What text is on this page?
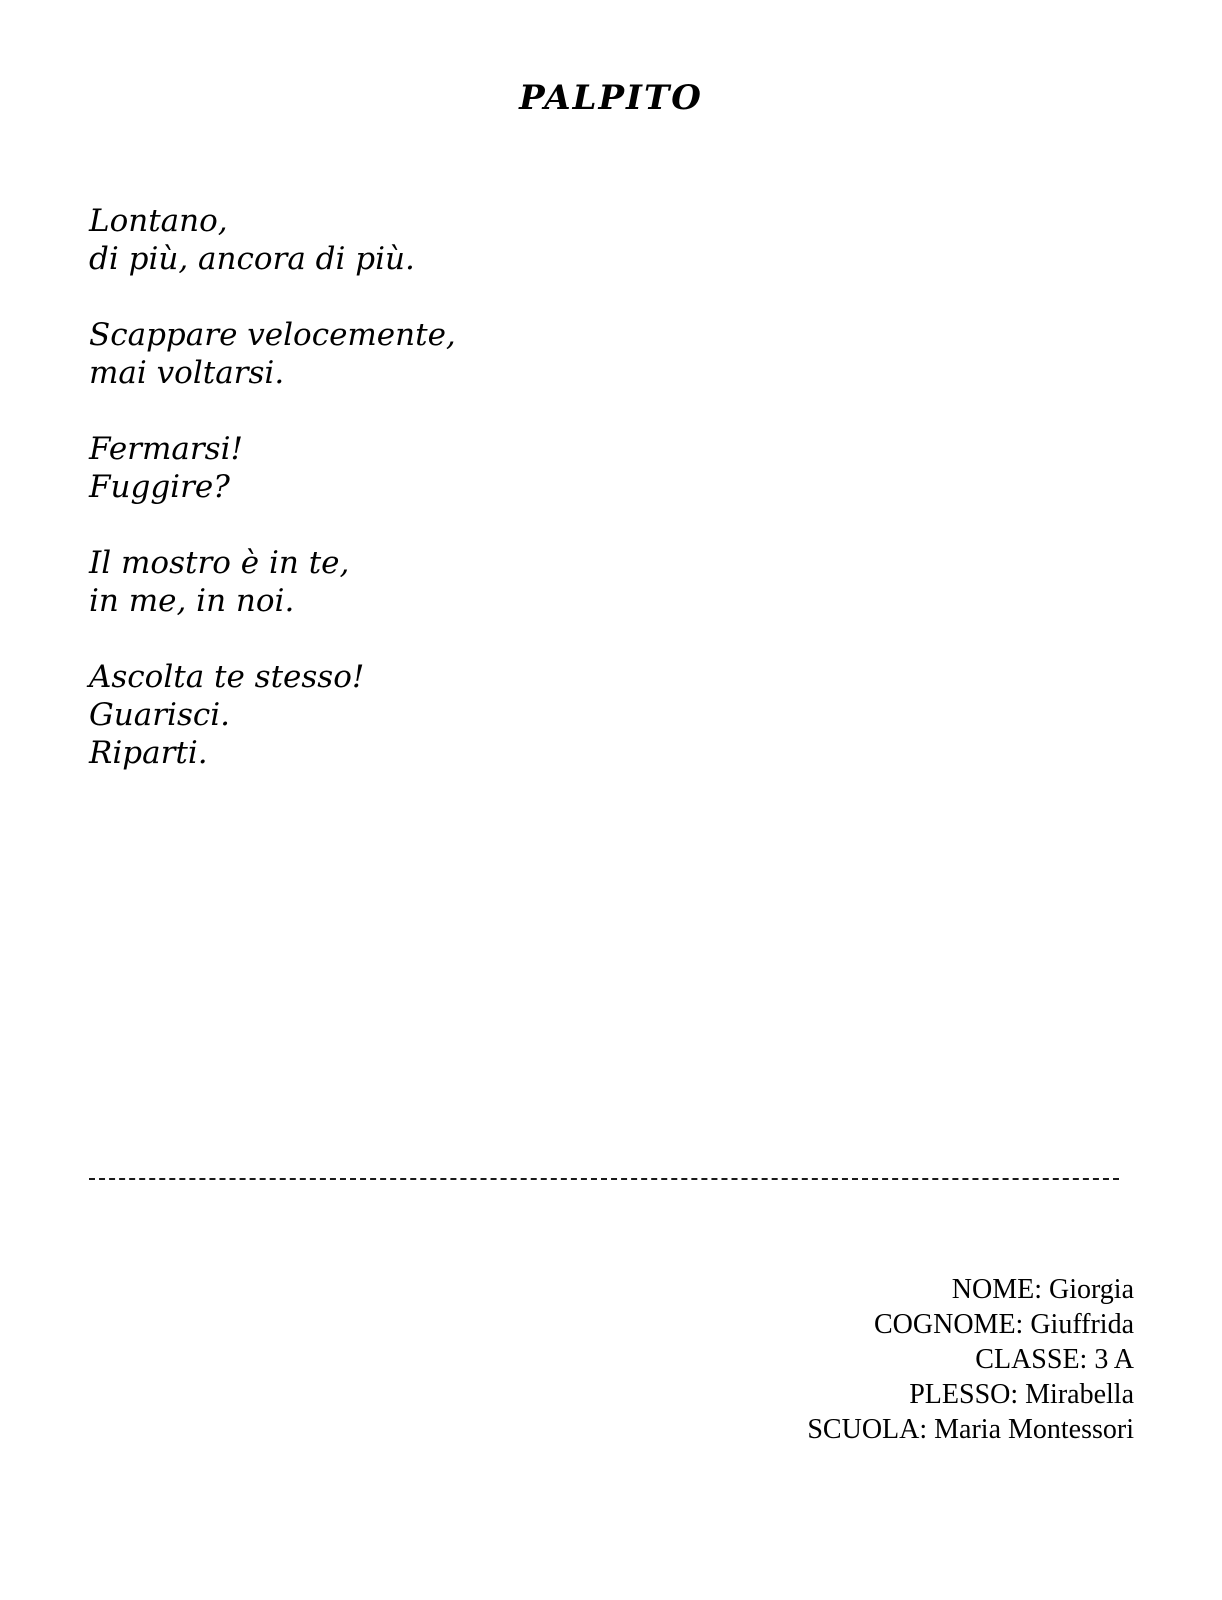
PALPITO
Lontano,
di più, ancora di più.
Scappare velocemente,
mai voltarsi.
Fermarsi!
Fuggire?
Il mostro è in te,
in me, in noi.
Ascolta te stesso!
Guarisci.
Riparti.
NOME: Giorgia
COGNOME: Giuffrida
CLASSE: 3 A
PLESSO: Mirabella
SCUOLA: Maria Montessori
